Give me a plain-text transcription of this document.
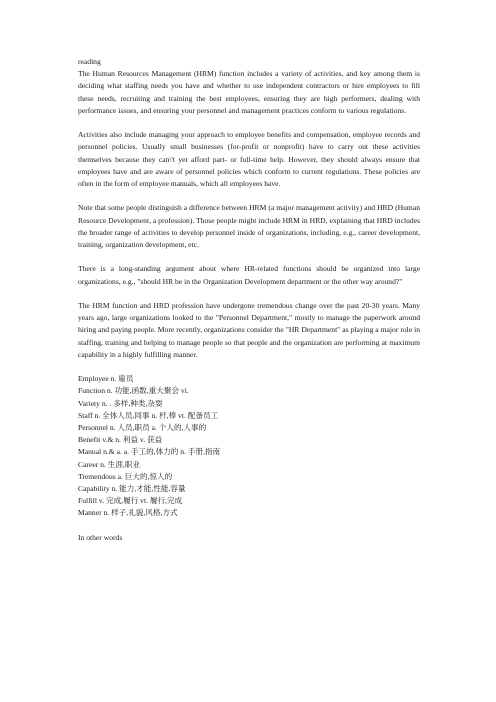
reading

The Human Resources Management (HRM) function includes a variety of activities, and key among them is deciding what staffing needs you have and whether to use independent contractors or hire employees to fill these needs, recruiting and training the best employees, ensuring they are high performers, dealing with performance issues, and ensuring your personnel and management practices conform to various regulations.

Activities also include managing your approach to employee benefits and compensation, employee records and personnel policies. Usually small businesses (for-profit or nonprofit) have to carry out these activities themselves because they can\'t yet afford part- or full-time help. However, they should always ensure that employees have and are aware of personnel policies which conform to current regulations. These policies are often in the form of employee manuals, which all employees have.

Note that some people distinguish a difference between HRM (a major management activity) and HRD (Human Resource Development, a profession). Those people might include HRM in HRD, explaining that HRD includes the broader range of activities to develop personnel inside of organizations, including, e.g., career development, training, organization development, etc.

There is a long-standing argument about where HR-related functions should be organized into large organizations, e.g., "should HR be in the Organization Development department or the other way around?"

The HRM function and HRD profession have undergone tremendous change over the past 20-30 years. Many years ago, large organizations looked to the "Personnel Department," mostly to manage the paperwork around hiring and paying people. More recently, organizations consider the "HR Department" as playing a major role in staffing, training and helping to manage people so that people and the organization are performing at maximum capability in a highly fulfilling manner.

Employee n. 雇员
Function n. 功能,函数,重大聚会 vi.
Variety n. . 多样,种类,杂耍
Staff n. 全体人员,同事 n. 杆,棒 vt. 配备员工
Personnel n. 人员,职员 a. 个人的,人事的
Benefit v.& n. 利益 v. 获益
Manual n.& a. a. 手工的,体力的 n. 手册,指南
Career n. 生涯,职业
Tremendous a. 巨大的,惊人的
Capability n. 能力,才能,性能,容量
Fulfill v. 完成,履行 vt. 履行,完成
Manner n. 样子,礼貌,风格,方式

In other words
